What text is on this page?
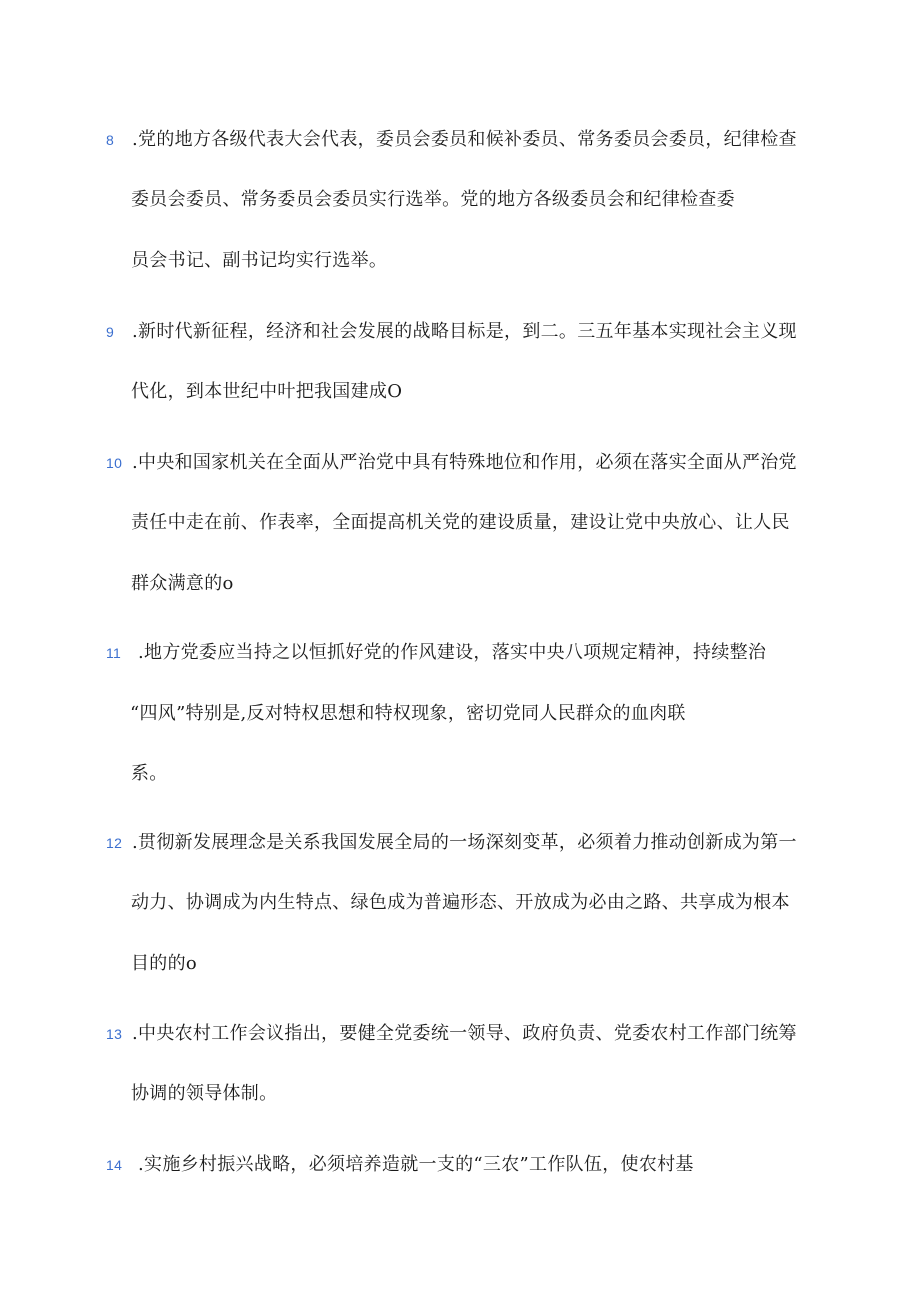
8 .党的地方各级代表大会代表，委员会委员和候补委员、常务委员会委员，纪律检查
委员会委员、常务委员会委员实行选举。党的地方各级委员会和纪律检查委
员会书记、副书记均实行选举。
9 .新时代新征程，经济和社会发展的战略目标是，到二。三五年基本实现社会主义现
代化，到本世纪中叶把我国建成O
10 .中央和国家机关在全面从严治党中具有特殊地位和作用，必须在落实全面从严治党
责任中走在前、作表率，全面提高机关党的建设质量，建设让党中央放心、让人民
群众满意的o
11 .地方党委应当持之以恒抓好党的作风建设，落实中央八项规定精神，持续整治
“四风”特别是,反对特权思想和特权现象，密切党同人民群众的血肉联
系。
12 .贯彻新发展理念是关系我国发展全局的一场深刻变革，必须着力推动创新成为第一
动力、协调成为内生特点、绿色成为普遍形态、开放成为必由之路、共享成为根本
目的的o
13 .中央农村工作会议指出，要健全党委统一领导、政府负责、党委农村工作部门统筹
协调的领导体制。
14 .实施乡村振兴战略，必须培养造就一支的“三农”工作队伍，使农村基
